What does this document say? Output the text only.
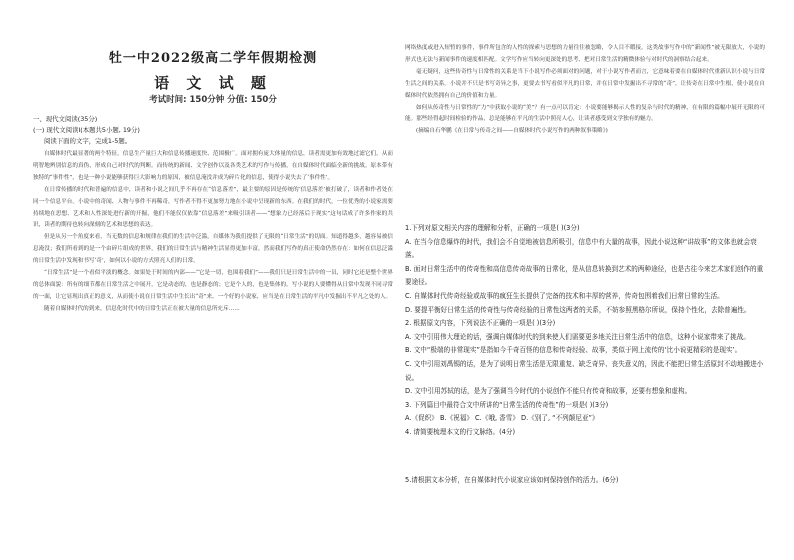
牡一中2022级高二学年假期检测
语 文 试 题
考试时间: 150分钟 分值: 150分
一、现代文阅读(35分)
(一) 现代文阅读I(本题共5小题, 19分)
阅读下面的文字，完成1-5题。

自媒体时代最显著的两个特征，信息生产量巨大和信息传播速度快、范围极广。面对拥有庞大体量的信息，读者需更加有效地过滤它们，从而明智地辨别信息的真伪，形成自己对时代的判断。而传统的新闻、文学创作以及各类艺术的写作与传播，在自媒体时代面临全新的挑战。原本带有独特的“事件性”，也是一种小说能够获得巨大影响力的原因，被信息淹没并成为碎片化的信息，使得小说失去了‘事件性’。

在日常传播的时代和普遍的信息中，读者和小说之间几乎不再存在“信息落差”，最主要的原因是传统的‘信息落差’被打破了，读者和作者处在同一个信息平台。小说中的奇闻、人物与事件不再稀奇，写作者不得不更加努力地在小说中呈现新的东西。在我们的时代，一位优秀的小说家需要持续地在思想、艺术和人性深处进行新的开掘，他们不能仅仅依靠“信息落差”来吸引读者——“想象力已经落后于现实”这句话成了许多作家的共识，读者的期待也转向深刻的艺术和思想的表达。

但是从另一个角度来看，当无数的信息和规律在我们的生活中泛滥，自媒体为我们提供了无限的“日常生活”的切面。知道得越多，越容易被信息淹没；我们所看到的是一个由碎片组成的世界，我们的日常生活与精神生活显得更加丰富，然而我们写作的真正使命仍然存在：如何在信息泛滥的日常生活中发现和书写‘奇’，如何以小说的方式照亮人们的日常。

“日常生活”是一个看似平淡的概念。如果处于时间的内部——“它是一切，也围着我们”——我们只是日常生活中的一员，同时它还是整个世界的总体面貌：所有的细节都在日常生活之中展开，它是动态的，也是静态的；它是个人的，也是集体的。写小说的人要懂得从日常中发现不同寻常的一面，让它显现出真正的意义，从而使小说在日常生活中生长出“奇”来。一个好的小说家，应当是在日常生活的平凡中发掘出不平凡之处的人。

随着自媒体时代的到来，信息化时代中的日常生活正在被大量的信息所充斥……

网络热度或进入短暂的事件，事件所包含的人性的探索与思想的力量往往被忽略，令人目不暇接。这类故事写作中的“新闻性”被无限放大，小说的形式也无法与新闻事件的速度相匹配。文学写作应当转向更深处的思考，把对日常生活的精微体验与对时代的洞察结合起来。

毫无疑问，这些传奇性与日常性的关系是当下小说写作必须面对的问题，对于小说写作者而言，它意味着要在自媒体时代重新认识小说与日常生活之间的关系。小说并不只是书写奇异之事，更要去书写看似平凡的日常，并在日常中发掘出不寻常的“奇”，让传奇在日常中生根，使小说在自媒体时代依然拥有自己的价值和力量。

如何从传奇性与日常性的“力”中获取小说的“美”？有一点可以肯定：小说要能够揭示人性的复杂与时代的精神，在有限的篇幅中展开无限的可能。那些经得起时间检验的作品，总是能够在平凡的生活中照亮人心，让读者感受到文学独有的魅力。

(摘编自石华鹏《在日常与传奇之间——自媒体时代小说写作的两种叙事策略》)

1.下列对原文相关内容的理解和分析，正确的一项是( )(3分)

A. 在当今信息爆炸的时代，我们会不自觉地被信息所吸引，信息中有大量的故事，因此小说这种“讲故事”的文体也就会衰落。

B. 面对日常生活中的传奇性和高信息传奇故事的日常化，是从信息转换到艺术的两种途径，也是古往今来艺术家们创作的重要途径。

C. 自媒体时代传奇经验或故事的疯狂生长提供了完备的技术和丰厚的营养，传奇包围着我们日常日常的生活。

D. 要提平衡好日常生活的传奇性与传奇经验的日常性这两者的关系，不妨参照黑格尔所说，保持个性化，去除普遍性。

2. 根据原文内容，下列说法不正确的一项是( )(3分)

A. 文中引用伟大理论的话，强调自媒体时代的到来使人们需要更多地关注日常生活中的信息，这种小说家带来了挑战。

B. 文中“极端的非常现实”是指如今千奇百怪的信息和传奇经验、故事，类似于网上流传的‘比小说更精彩的是现实’。

C. 文中引用刘禹锡的话，是为了说明日常生活是无限重复、缺乏奇异、丧失意义的，因此不能把日常生活原封不动地搬进小说。

D. 文中引用苏轼的话，是为了强调当今时代的小说创作不能只有传奇和故事，还要有想象和虚构。

3. 下列篇目中最符合文中所讲的“日常生活的传奇性”的一项是( )(3分)

A.《促织》 B.《祝福》 C.《哦, 香雪》 D.《别了, “不列颠尼亚”》

4. 请简要梳理本文的行文脉络。(4分)

5.请根据文本分析，在自媒体时代小说家应该如何保持创作的活力。(6分)
